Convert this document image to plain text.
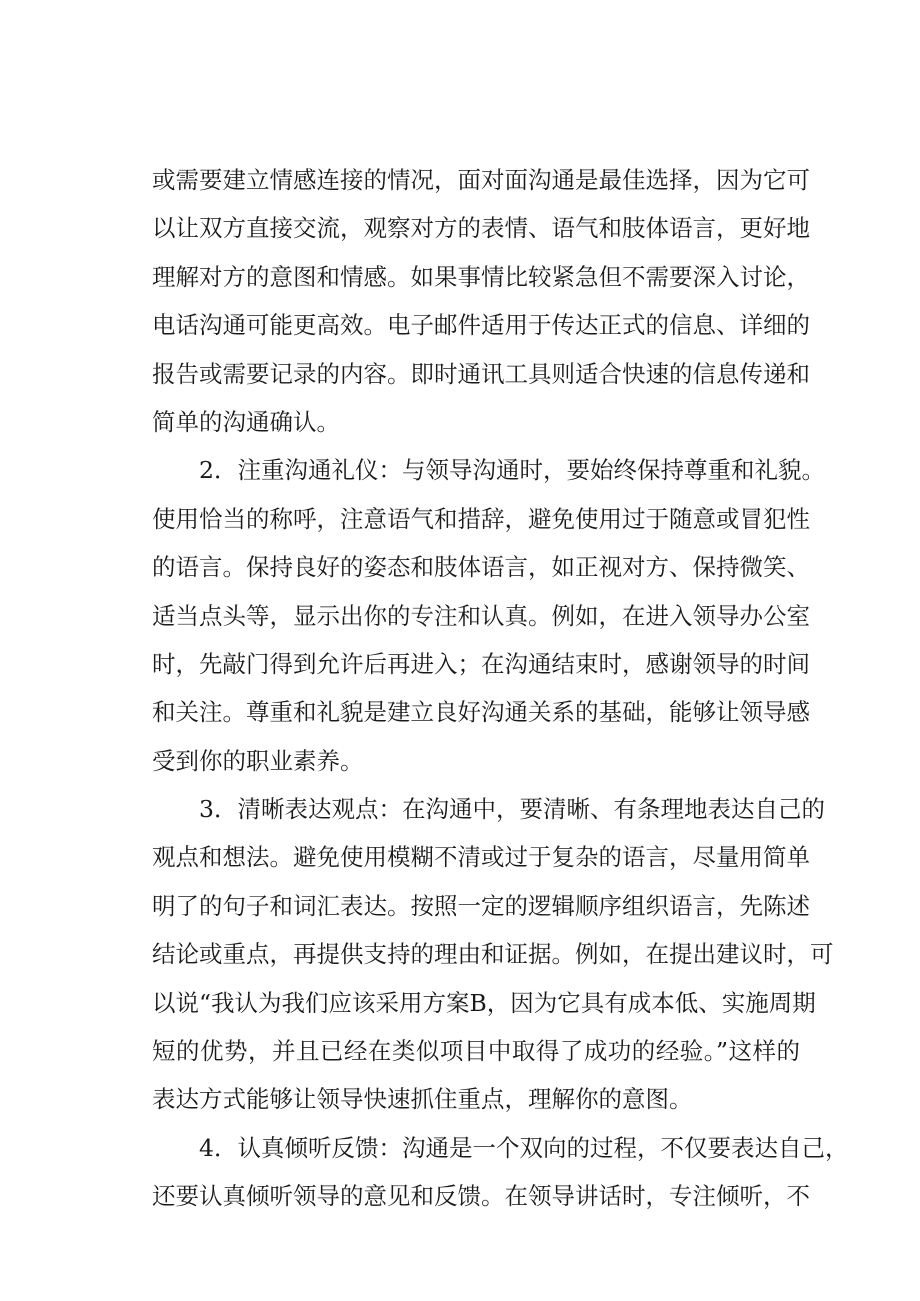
或需要建立情感连接的情况，面对面沟通是最佳选择，因为它可
以让双方直接交流，观察对方的表情、语气和肢体语言，更好地
理解对方的意图和情感。如果事情比较紧急但不需要深入讨论，
电话沟通可能更高效。电子邮件适用于传达正式的信息、详细的
报告或需要记录的内容。即时通讯工具则适合快速的信息传递和
简单的沟通确认。
　　2．注重沟通礼仪：与领导沟通时，要始终保持尊重和礼貌。
使用恰当的称呼，注意语气和措辞，避免使用过于随意或冒犯性
的语言。保持良好的姿态和肢体语言，如正视对方、保持微笑、
适当点头等，显示出你的专注和认真。例如，在进入领导办公室
时，先敲门得到允许后再进入；在沟通结束时，感谢领导的时间
和关注。尊重和礼貌是建立良好沟通关系的基础，能够让领导感
受到你的职业素养。
　　3．清晰表达观点：在沟通中，要清晰、有条理地表达自己的
观点和想法。避免使用模糊不清或过于复杂的语言，尽量用简单
明了的句子和词汇表达。按照一定的逻辑顺序组织语言，先陈述
结论或重点，再提供支持的理由和证据。例如，在提出建议时，可
以说“我认为我们应该采用方案B，因为它具有成本低、实施周期
短的优势，并且已经在类似项目中取得了成功的经验。”这样的
表达方式能够让领导快速抓住重点，理解你的意图。
　　4．认真倾听反馈：沟通是一个双向的过程，不仅要表达自己，
还要认真倾听领导的意见和反馈。在领导讲话时，专注倾听，不
